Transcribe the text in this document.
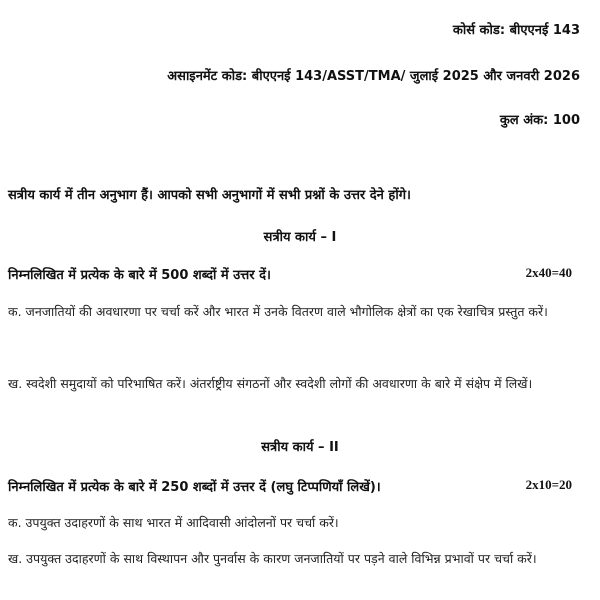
कोर्स कोड: बीएएनई 143
असाइनमेंट कोड: बीएएनई 143/ASST/TMA/ जुलाई 2025 और जनवरी 2026
कुल अंक: 100
सत्रीय कार्य में तीन अनुभाग हैं। आपको सभी अनुभागों में सभी प्रश्नों के उत्तर देने होंगे।
सत्रीय कार्य – I
निम्नलिखित में प्रत्येक के बारे में 500 शब्दों में उत्तर दें।	2x40=40
क. जनजातियों की अवधारणा पर चर्चा करें और भारत में उनके वितरण वाले भौगोलिक क्षेत्रों का एक रेखाचित्र प्रस्तुत करें।
ख. स्वदेशी समुदायों को परिभाषित करें। अंतर्राष्ट्रीय संगठनों और स्वदेशी लोगों की अवधारणा के बारे में संक्षेप में लिखें।
सत्रीय कार्य – II
निम्नलिखित में प्रत्येक के बारे में 250 शब्दों में उत्तर दें (लघु टिप्पणियाँ लिखें)।	2x10=20
क. उपयुक्त उदाहरणों के साथ भारत में आदिवासी आंदोलनों पर चर्चा करें।
ख. उपयुक्त उदाहरणों के साथ विस्थापन और पुनर्वास के कारण जनजातियों पर पड़ने वाले विभिन्न प्रभावों पर चर्चा करें।
